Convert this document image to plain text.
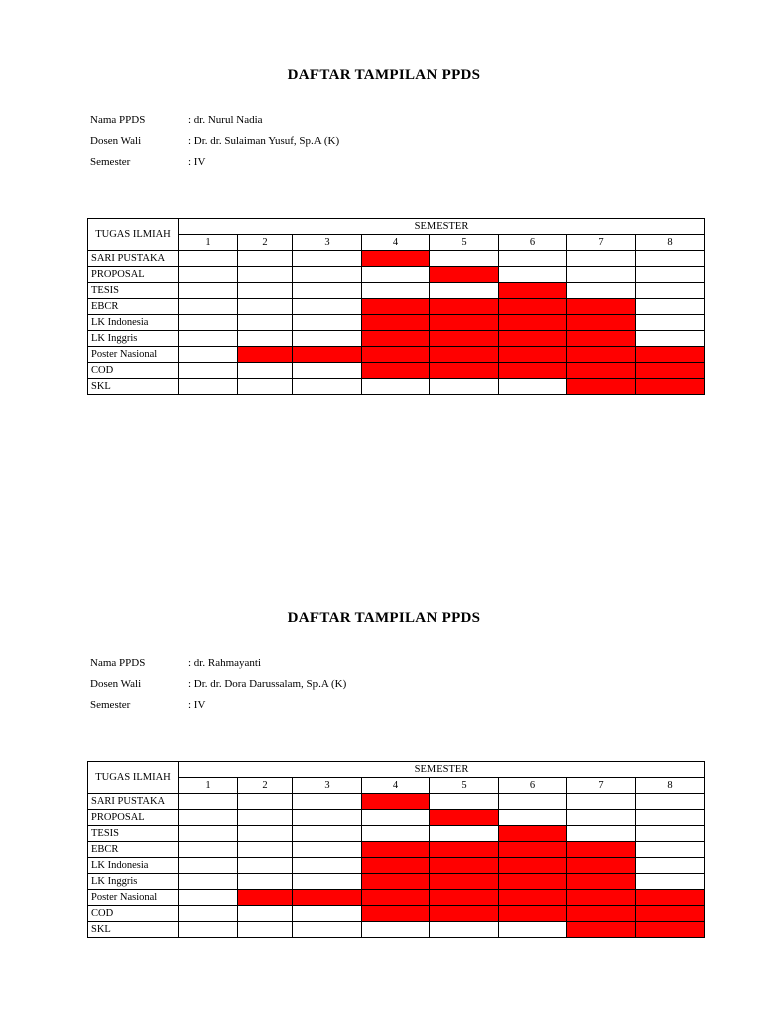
DAFTAR TAMPILAN PPDS
Nama PPDS	: dr. Nurul Nadia
Dosen Wali	: Dr. dr. Sulaiman Yusuf, Sp.A (K)
Semester	: IV
TUGAS ILMIAH	SEMESTER							
	1	2	3	4	5	6	7	8
SARI PUSTAKA								
PROPOSAL								
TESIS								
EBCR								
LK Indonesia								
LK Inggris								
Poster Nasional								
COD								
SKL								
DAFTAR TAMPILAN PPDS
Nama PPDS	: dr. Rahmayanti
Dosen Wali	: Dr. dr. Dora Darussalam, Sp.A (K)
Semester	: IV
TUGAS ILMIAH	SEMESTER							
	1	2	3	4	5	6	7	8
SARI PUSTAKA								
PROPOSAL								
TESIS								
EBCR								
LK Indonesia								
LK Inggris								
Poster Nasional								
COD								
SKL								
